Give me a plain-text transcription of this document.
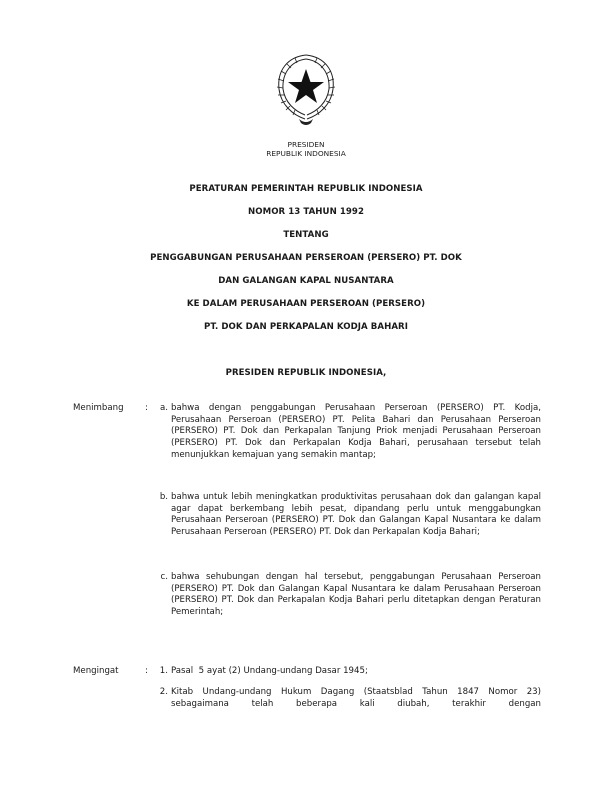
PRESIDEN
REPUBLIK INDONESIA
PERATURAN PEMERINTAH REPUBLIK INDONESIA
NOMOR 13 TAHUN 1992
TENTANG
PENGGABUNGAN PERUSAHAAN PERSEROAN (PERSERO) PT. DOK
DAN GALANGAN KAPAL NUSANTARA
KE DALAM PERUSAHAAN PERSEROAN (PERSERO)
PT. DOK DAN PERKAPALAN KODJA BAHARI
PRESIDEN REPUBLIK INDONESIA,
Menimbang :	a. bahwa dengan penggabungan Perusahaan Perseroan (PERSERO) PT. Kodja, Perusahaan Perseroan (PERSERO) PT. Pelita Bahari dan Perusahaan Perseroan (PERSERO) PT. Dok dan Perkapalan Tanjung Priok menjadi Perusahaan Perseroan (PERSERO) PT. Dok dan Perkapalan Kodja Bahari, perusahaan tersebut telah menunjukkan kemajuan yang semakin mantap;
b. bahwa untuk lebih meningkatkan produktivitas perusahaan dok dan galangan kapal agar dapat berkembang lebih pesat, dipandang perlu untuk menggabungkan Perusahaan Perseroan (PERSERO) PT. Dok dan Galangan Kapal Nusantara ke dalam Perusahaan Perseroan (PERSERO) PT. Dok dan Perkapalan Kodja Bahari;
c. bahwa sehubungan dengan hal tersebut, penggabungan Perusahaan Perseroan (PERSERO) PT. Dok dan Galangan Kapal Nusantara ke dalam Perusahaan Perseroan (PERSERO) PT. Dok dan Perkapalan Kodja Bahari perlu ditetapkan dengan Peraturan Pemerintah;
Mengingat	:	1. Pasal  5 ayat (2) Undang-undang Dasar 1945;
2. Kitab Undang-undang Hukum Dagang (Staatsblad Tahun 1847 Nomor 23) sebagaimana telah beberapa kali diubah, terakhir dengan
